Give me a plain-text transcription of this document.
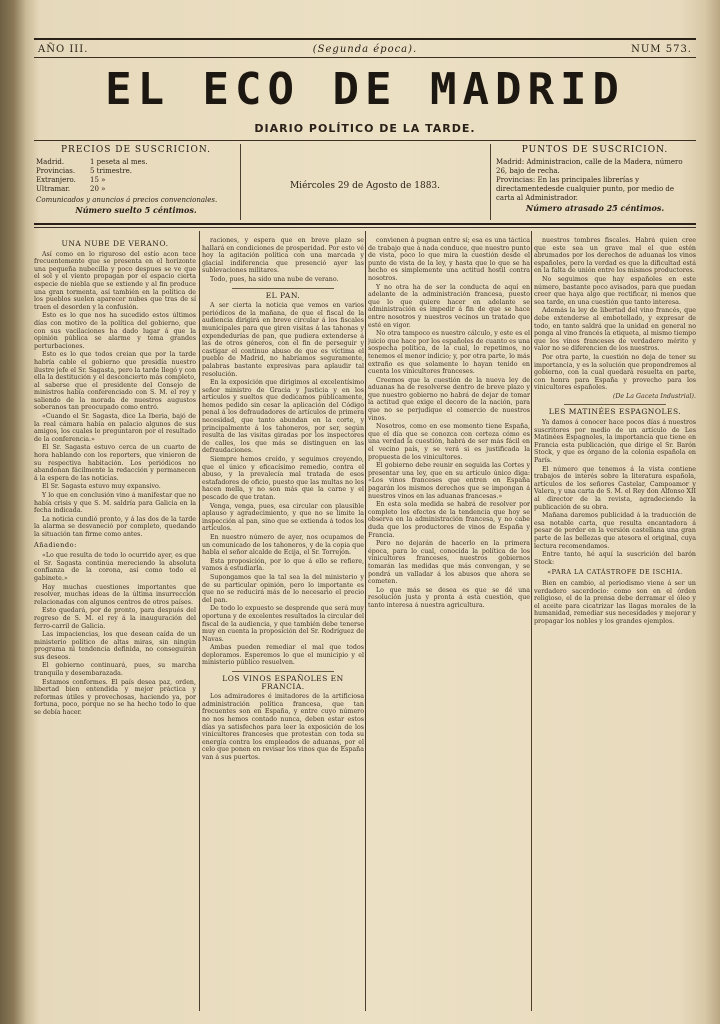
AÑO III.	(Segunda época).	NUM 573.
EL ECO DE MADRID
DIARIO POLÍTICO DE LA TARDE.
PRECIOS DE SUSCRICION.
Madrid.	1 peseta al mes.
Provincias.	5 trimestre.
Extranjero.	15 »
Ultramar.	20 »
Comunicados y anuncios á precios convencionales.
Número suelto 5 céntimos.
Miércoles 29 de Agosto de 1883.
PUNTOS DE SUSCRICION.
Madrid: Administracion, calle de la Madera, número 26, bajo de recha.
Provincias: En las principales librerías y directamentedesde cualquier punto, por medio de carta al Administrador.
Número atrasado 25 céntimos.

UNA NUBE DE VERANO.

Así como en lo riguroso del estío acon tece frecuentemente que se presenta en el horizonte una pequeña nubecilla y poco despues se ve que el sol y el viento propagan por el espacio cierta especie de niebla que se extiende y al fin produce una gran tormenta, así también en la política de los pueblos suelen aparecer nubes que tras de sí traen el desorden y la confusión.

Esto es lo que nos ha sucedido estos últimos días con motivo de la política del gobierno, que con sus vacilaciones ha dado lugar á que la opinión pública se alarme y tema grandes perturbaciones.

Esto es lo que todos creian que por la tarde habría cable el gobierno que presidía nuestro ilustre jefe el Sr. Sagasta, pero la tarde llegó y con ella la destitución y el desconcierto más completo, al saberse que el presidente del Consejo de ministros había conferenciado con S. M. el rey y saliendo de la morada de nuestros augustos soberanos tan preocupado como entró.

«Cuando el Sr. Sagasta, dice La Iberia, bajó de la real cámara había en palacio algunos de sus amigos, los cuales le preguntaron por el resultado de la conferencia.»

El Sr. Sagasta estuvo cerca de un cuarto de hora hablando con los reporters, que vinieron de su respectiva habitación. Los periódicos no abandonan fácilmente la redacción y permanecen á la espera de las noticias.

El Sr. Sagasta estuvo muy expansivo.

Y lo que en conclusión vino á manifestar que no había crisis y que S. M. saldría para Galicia en la fecha indicada.

La noticia cundió pronto, y á las dos de la tarde la alarma se desvaneció por completo, quedando la situación tan firme como antes.

Añadiendo:

«Lo que resulta de todo lo ocurrido ayer, es que el Sr. Sagasta continúa mereciendo la absoluta confianza de la corona, así como todo el gabinete.»

Hay muchas cuestiones importantes que resolver, muchas ideas de la última insurrección relacionadas con algunos centros de otros países.

Esto quedará, por de pronto, para después del regreso de S. M. el rey á la inauguración del ferro-carril de Galicia.

Las impaciencias, los que desean caída de un ministerio político de altas miras, sin ningún programa ni tendencia definida, no conseguirán sus deseos.

El gobierno continuará, pues, su marcha tranquila y desembarazada.

Estamos conformes. El país desea paz, orden, libertad bien entendida y mejor práctica y reformas útiles y provechosas, haciendo ya, por fortuna, poco, porque no se ha hecho todo lo que se debía hacer.

raciones, y espera que en breve plazo se hallará en condiciones de prosperidad. Por esto vé hoy la agitación política con una marcada y glacial indiferencia que presenció ayer las sublevaciones militares.

Todo, pues, ha sido una nube de verano.

EL PAN.

A ser cierta la noticia que vemos en varios periódicos de la mañana, de que el fiscal de la audiencia dirigirá en breve circular á los fiscales municipales para que giren visitas á las tahonas y expendedurías de pan, que pudiera extenderse á las de otros géneros, con el fin de perseguir y castigar el continuo abuso de que es víctima el pueblo de Madrid, no habríamos seguramente, palabras bastante expresivas para aplaudir tal resolución.

En la exposición que dirigimos al excelentísimo señor ministro de Gracia y Justicia y en los artículos y sueltos que dedicamos públicamente, hemos pedido sin cesar la aplicación del Código penal á los defraudadores de artículos de primera necesidad, que tanto abundan en la corte, y principalmente á los tahoneros, por ser, según resulta de las visitas giradas por los inspectores de calles, los que más se distinguen en las defraudaciones.

Siempre hemos creído, y seguimos creyendo, que el único y eficacísimo remedio, contra el abuso, y la prevalecía mal tratada de esos estafadores de oficio, puesto que las multas no les hacen mella, y no son más que la carne y el pescado de que tratan.

Venga, venga, pues, esa circular con plausible aplauso y agradecimiento, y que no se limite la inspección al pan, sino que se extienda á todos los artículos.

En nuestro número de ayer, nos ocupamos de un comunicado de los tahoneros, y de la copia que habla el señor alcalde de Ecija, el Sr. Torrejón.

Esta proposición, por lo que á ello se refiere, vamos á estudiarla.

Supongamos que la tal sea la del ministerio y de su particular opinión, pero lo importante es que no se reducirá más de lo necesario el precio del pan.

De todo lo expuesto se desprende que será muy oportuna y de excelentes resultados la circular del fiscal de la audiencia, y que también debe tenerse muy en cuenta la proposición del Sr. Rodríguez de Navas.

Ambas pueden remediar el mal que todos deploramos. Esperemos lo que el municipio y el ministerio público resuelven.

LOS VINOS ESPAÑOLES EN FRANCIA.

Los admiradores é imitadores de la artificiosa administración política francesa, que tan frecuentes son en España, y entre cuyo número no nos hemos contado nunca, deben estar estos días ya satisfechos para leer la exposición de los vinicultores franceses que protestan con toda su energía contra los empleados de aduanas, por el celo que ponen en revisar los vinos que de España van á sus puertos.

convienen á pugnan entre sí; esa es una táctica de trabajo que á nada conduce, que nuestro punto de vista, poco lo que mira la cuestión desde el punto de vista de la ley, y hasta que lo que se ha hecho es simplemente una actitud hostil contra nosotros.

Y no otra ha de ser la conducta de aquí en adelante de la administración francesa, puesto que lo que quiere hacer en adelante se administración es impedir á fin de que se hace entre nosotros y nuestros vecinos un tratado que esté en vigor.

No otra tampoco es nuestro cálculo, y este es el juicio que hace por los españoles de cuanto es una sospecha política, de la cual, lo repetimos, no tenemos el menor indicio; y, por otra parte, lo más extraño es que solamente lo hayan tenido en cuenta los vinicultores franceses.

Creemos que la cuestión de la nueva ley de aduanas ha de resolverse dentro de breve plazo y que nuestro gobierno no habrá de dejar de tomar la actitud que exige el decoro de la nación, para que no se perjudique el comercio de nuestros vinos.

Nosotros, como en ese momento tiene España, que el día que se conozca con certeza cómo es una verdad la cuestión, habrá de ser más fácil en el vecino país, y se verá si es justificada la propuesta de los vinicultores.

El gobierno debe reunir en seguida las Cortes y presentar una ley, que en su artículo único diga: «Los vinos franceses que entren en España pagarán los mismos derechos que se impongan á nuestros vinos en las aduanas francesas.»

En esta sola medida se habrá de resolver por completo los efectos de la tendencia que hoy se observa en la administración francesa, y no cabe duda que los productores de vinos de España y Francia.

Pero no dejarán de hacerlo en la primera época, para lo cual, conocida la política de los vinicultores franceses, nuestros gobiernos tomarán las medidas que más convengan, y se pondrá un valladar á los abusos que ahora se cometen.

Lo que más se desea es que se dé una resolución justa y pronta á esta cuestión, que tanto interesa á nuestra agricultura.

nuestros tombres fiscales. Habrá quien cree que este sea un grave mal el que estén abrumados por los derechos de aduanas los vinos españoles, pero la verdad es que la dificultad está en la falta de unión entre los mismos productores.

No seguimos que hay españoles en este número, bastante poco avisados, para que puedan creer que haya algo que rectificar, ni menos que sea tarde, en una cuestión que tanto interesa.

Además la ley de libertad del vino francés, que debe extenderse al embotellado, y expresar de todo, en tanto saldrá que la unidad en general no ponga al vino francés la etiqueta, al mismo tiempo que los vinos franceses de verdadero mérito y valor no se diferencien de los nuestros.

Por otra parte, la cuestión no deja de tener su importancia, y es la solución que propondremos al gobierno, con la cual quedará resuelta en parte, con honra para España y provecho para los vinicultores españoles.

(De La Gaceta Industrial).

LES MATINÉES ESPAGNOLES.

Ya damos á conocer hace pocos días á nuestros suscritores por medio de un artículo de Les Matinées Espagnoles, la importancia que tiene en Francia esta publicación, que dirige el Sr. Barón Stock, y que es órgano de la colonia española en París.

El número que tenemos á la vista contiene trabajos de interés sobre la literatura española, artículos de los señores Castelar, Campoamor y Valera, y una carta de S. M. el Rey don Alfonso XII al director de la revista, agradeciendo la publicación de su obra.

Mañana daremos publicidad á la traducción de esa notable carta, que resulta encantadora á pesar de perder en la versión castellana una gran parte de las bellezas que atesora el original, cuya lectura recomendamos.

Entre tanto, hé aquí la suscrición del barón Stock:

«PARA LA CATÁSTROFE DE ISCHIA.

Bien en cambio, al periodismo viene á ser un verdadero sacerdocio: como son en el órden religioso, el de la prensa debe derramar el óleo y el aceite para cicatrizar las llagas morales de la humanidad, remediar sus necesidades y mejorar y propagar los nobles y los grandes ejemplos.
